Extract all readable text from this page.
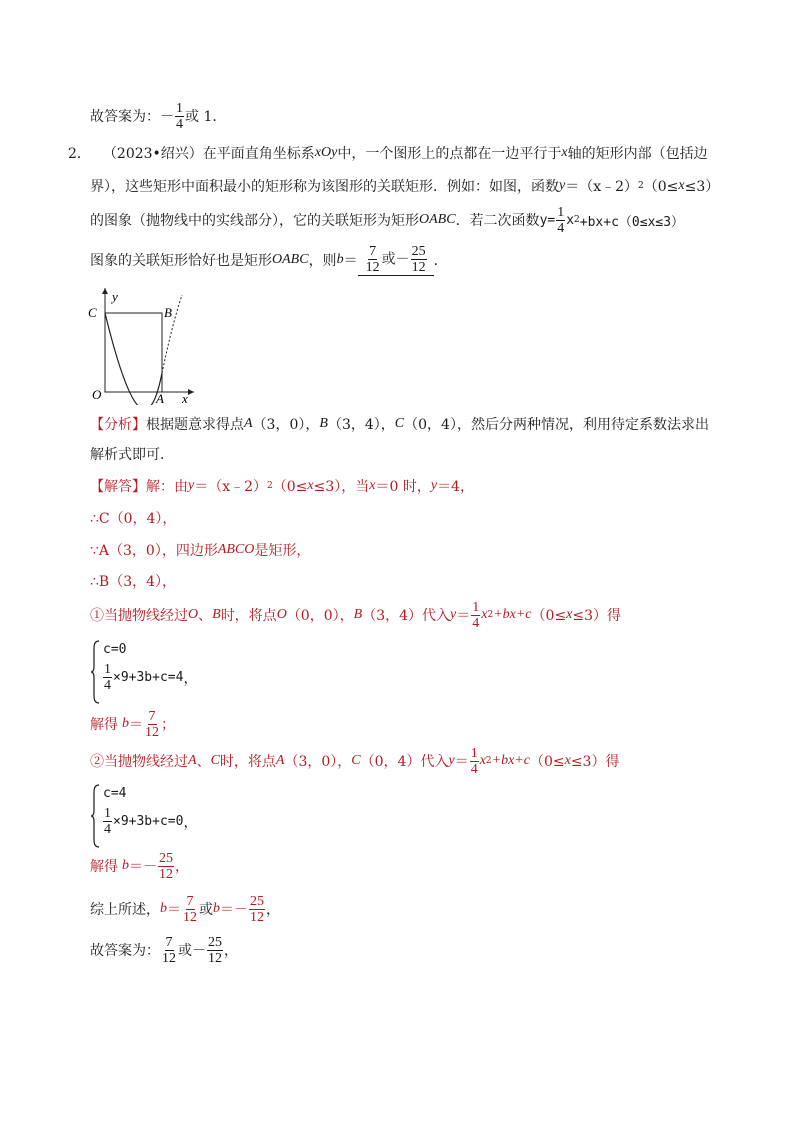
故答案为：－ $\frac{1}{4}$ 或 1．
2． （2023•绍兴）在平面直角坐标系 xOy 中，一个图形上的点都在一边平行于 x 轴的矩形内部（包括边
界），这些矩形中面积最小的矩形称为该图形的关联矩形．例如：如图，函数 y ＝（x﹣2） 2 （0≤ x ≤3）
的图象（抛物线中的实线部分），它的关联矩形为矩形 OABC ．若二次函数 $y= \frac{1}{4}$ x 2 +bx+c（0≤x≤3）
图象的关联矩形恰好也是矩形 OABC ，则 $b = \frac{7}{12}$ 或－ $\frac{25}{12}$ ．
y
C	B
O	A x
【分析】 根据题意求得点 A （3，0）， B （3，4）， C （0，4），然后分两种情况，利用待定系数法求出
解析式即可．
【解答】 解：由 y ＝（x﹣2） 2 （0≤ x ≤3），当 x ＝0 时， y ＝4，
∴C（0，4），
∵A（3，0），四边形 ABCO 是矩形，
∴B（3，4），
①当抛物线经过 O 、 B 时，将点 O （0，0）， B （3，4）代入 $y = \frac{1}{4}$ x 2 +bx+c （0≤ x ≤3）得
c=0
$\frac{1}{4} \times 9+3b+c=4$ ，
解得 $b = \frac{7}{12}$ ；
②当抛物线经过 A 、 C 时，将点 A （3，0）， C （0，4）代入 $y = \frac{1}{4}$ x 2 +bx+c （0≤ x ≤3）得
c=4
$\frac{1}{4} \times 9+3b+c=0$ ，
解得 $b =- \frac{25}{12}$ ，
综上所述， $b = \frac{7}{12}$ 或 $b =- \frac{25}{12}$ ，
故答案为： $\frac{7}{12}$ 或－ $\frac{25}{12}$ ，
